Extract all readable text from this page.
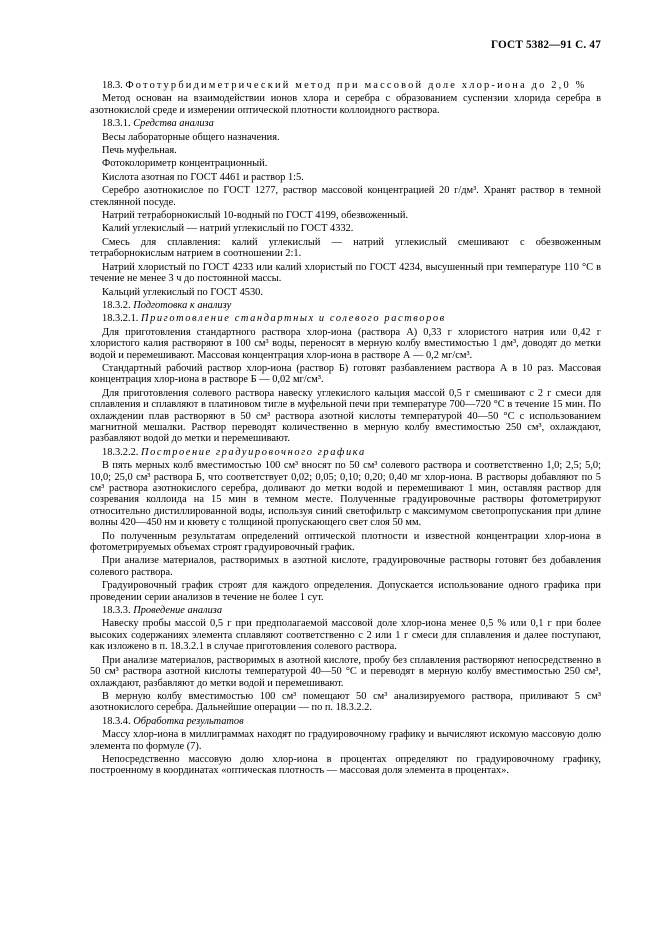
ГОСТ 5382—91 С. 47

18.3. Фототурбидиметрический метод при массовой доле хлор-иона до 2,0 %

Метод основан на взаимодействии ионов хлора и серебра с образованием суспензии хлорида серебра в азотнокислой среде и измерении оптической плотности коллоидного раствора.

18.3.1. Средства анализа

Весы лабораторные общего назначения.

Печь муфельная.

Фотоколориметр концентрационный.

Кислота азотная по ГОСТ 4461 и раствор 1:5.

Серебро азотнокислое по ГОСТ 1277, раствор массовой концентрацией 20 г/дм³. Хранят раствор в темной стеклянной посуде.

Натрий тетраборнокислый 10-водный по ГОСТ 4199, обезвоженный.

Калий углекислый — натрий углекислый по ГОСТ 4332.

Смесь для сплавления: калий углекислый — натрий углекислый смешивают с обезвоженным тетраборнокислым натрием в соотношении 2:1.

Натрий хлористый по ГОСТ 4233 или калий хлористый по ГОСТ 4234, высушенный при температуре 110 °C в течение не менее 3 ч до постоянной массы.

Кальций углекислый по ГОСТ 4530.

18.3.2. Подготовка к анализу

18.3.2.1. Приготовление стандартных и солевого растворов

Для приготовления стандартного раствора хлор-иона (раствора А) 0,33 г хлористого натрия или 0,42 г хлористого калия растворяют в 100 см³ воды, переносят в мерную колбу вместимостью 1 дм³, доводят до метки водой и перемешивают. Массовая концентрация хлор-иона в растворе А — 0,2 мг/см³.

Стандартный рабочий раствор хлор-иона (раствор Б) готовят разбавлением раствора А в 10 раз. Массовая концентрация хлор-иона в растворе Б — 0,02 мг/см³.

Для приготовления солевого раствора навеску углекислого кальция массой 0,5 г смешивают с 2 г смеси для сплавления и сплавляют в платиновом тигле в муфельной печи при температуре 700—720 °C в течение 15 мин. По охлаждении плав растворяют в 50 см³ раствора азотной кислоты температурой 40—50 °C с использованием магнитной мешалки. Раствор переводят количественно в мерную колбу вместимостью 250 см³, охлаждают, разбавляют водой до метки и перемешивают.

18.3.2.2. Построение градуировочного графика

В пять мерных колб вместимостью 100 см³ вносят по 50 см³ солевого раствора и соответственно 1,0; 2,5; 5,0; 10,0; 25,0 см³ раствора Б, что соответствует 0,02; 0,05; 0,10; 0,20; 0,40 мг хлор-иона. В растворы добавляют по 5 см³ раствора азотнокислого серебра, доливают до метки водой и перемешивают 1 мин, оставляя раствор для созревания коллоида на 15 мин в темном месте. Полученные градуировочные растворы фотометрируют относительно дистиллированной воды, используя синий светофильтр с максимумом светопропускания при длине волны 420—450 нм и кювету с толщиной пропускающего свет слоя 50 мм.

По полученным результатам определений оптической плотности и известной концентрации хлор-иона в фотометрируемых объемах строят градуировочный график.

При анализе материалов, растворимых в азотной кислоте, градуировочные растворы готовят без добавления солевого раствора.

Градуировочный график строят для каждого определения. Допускается использование одного графика при проведении серии анализов в течение не более 1 сут.

18.3.3. Проведение анализа

Навеску пробы массой 0,5 г при предполагаемой массовой доле хлор-иона менее 0,5 % или 0,1 г при более высоких содержаниях элемента сплавляют соответственно с 2 или 1 г смеси для сплавления и далее поступают, как изложено в п. 18.3.2.1 в случае приготовления солевого раствора.

При анализе материалов, растворимых в азотной кислоте, пробу без сплавления растворяют непосредственно в 50 см³ раствора азотной кислоты температурой 40—50 °C и переводят в мерную колбу вместимостью 250 см³, охлаждают, разбавляют до метки водой и перемешивают.

В мерную колбу вместимостью 100 см³ помещают 50 см³ анализируемого раствора, приливают 5 см³ азотнокислого серебра. Дальнейшие операции — по п. 18.3.2.2.

18.3.4. Обработка результатов

Массу хлор-иона в миллиграммах находят по градуировочному графику и вычисляют искомую массовую долю элемента по формуле (7).

Непосредственно массовую долю хлор-иона в процентах определяют по градуировочному графику, построенному в координатах «оптическая плотность — массовая доля элемента в процентах».
